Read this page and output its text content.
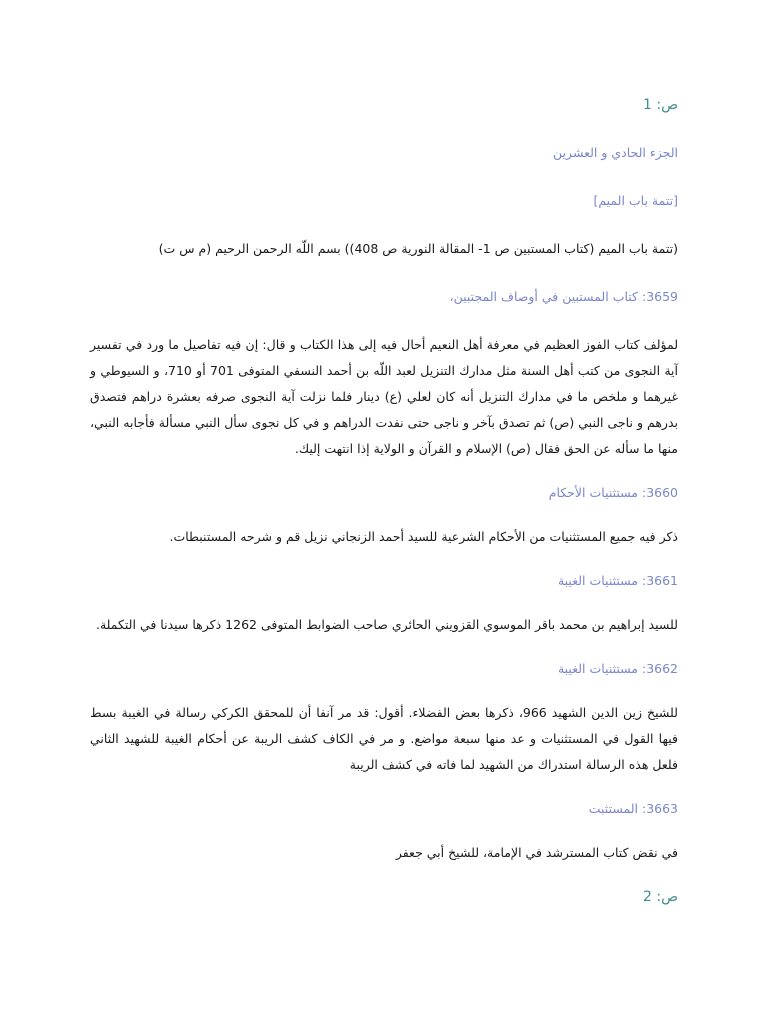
ص: 1

الجزء الحادي و العشرين

[تتمة باب الميم]

(تتمة باب الميم (كتاب المستبين ص 1- المقالة النورية ص 408)) بسم اللّه الرحمن الرحيم (م س ت)

3659: كتاب المستبين في أوصاف المجتبين،

لمؤلف كتاب الفوز العظيم في معرفة أهل النعيم أحال فيه إلى هذا الكتاب و قال: إن فيه تفاصيل ما ورد في تفسير آية النجوى من كتب أهل السنة مثل مدارك التنزيل لعبد اللّه بن أحمد النسفي المتوفى 701 أو 710، و السيوطي و غيرهما و ملخص ما في مدارك التنزيل أنه كان لعلي (ع) دينار فلما نزلت آية النجوى صرفه بعشرة دراهم فتصدق بدرهم و ناجى النبي (ص) ثم تصدق بآخر و ناجى حتى نفدت الدراهم و في كل نجوى سأل النبي مسألة فأجابه النبي، منها ما سأله عن الحق فقال (ص) الإسلام و القرآن و الولاية إذا انتهت إليك.

3660: مستثنيات الأحكام

ذكر فيه جميع المستثنيات من الأحكام الشرعية للسيد أحمد الزنجاني نزيل قم و شرحه المستنبطات.

3661: مستثنيات الغيبة

للسيد إبراهيم بن محمد باقر الموسوي القزويني الحائري صاحب الضوابط المتوفى 1262 ذكرها سيدنا في التكملة.

3662: مستثنيات الغيبة

للشيخ زين الدين الشهيد 966، ذكرها بعض الفضلاء. أقول: قد مر آنفا أن للمحقق الكركي رسالة في الغيبة بسط فيها القول في المستثنيات و عد منها سبعة مواضع. و مر في الكاف كشف الريبة عن أحكام الغيبة للشهيد الثاني فلعل هذه الرسالة استدراك من الشهيد لما فاته في كشف الريبة

3663: المستثبت

في نقض كتاب المسترشد في الإمامة، للشيخ أبي جعفر

ص: 2
